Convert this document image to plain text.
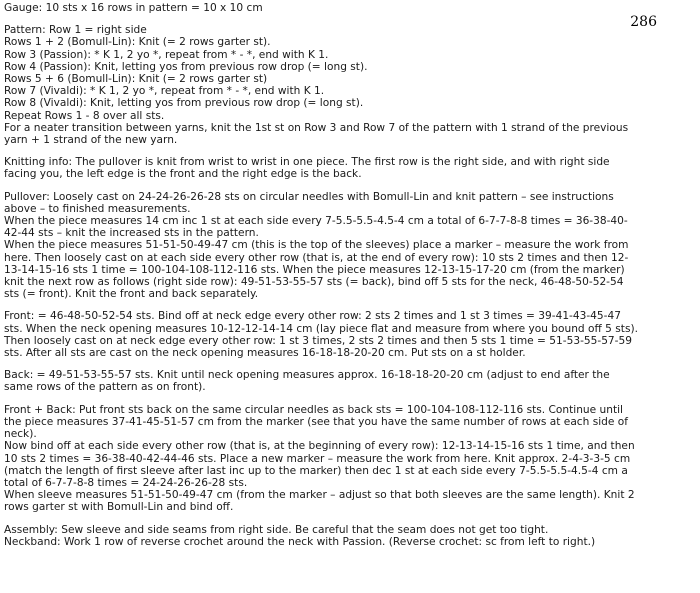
286
Gauge: 10 sts x 16 rows in pattern = 10 x 10 cm
Pattern: Row 1 = right side
Rows 1 + 2 (Bomull-Lin): Knit (= 2 rows garter st).
Row 3 (Passion): * K 1, 2 yo *, repeat from * - *, end with K 1.
Row 4 (Passion): Knit, letting yos from previous row drop (= long st).
Rows 5 + 6 (Bomull-Lin): Knit (= 2 rows garter st)
Row 7 (Vivaldi): * K 1, 2 yo *, repeat from * - *, end with K 1.
Row 8 (Vivaldi): Knit, letting yos from previous row drop (= long st).
Repeat Rows 1 - 8 over all sts.
For a neater transition between yarns, knit the 1st st on Row 3 and Row 7 of the pattern with 1 strand of the previous
yarn + 1 strand of the new yarn.
Knitting info: The pullover is knit from wrist to wrist in one piece. The first row is the right side, and with right side
facing you, the left edge is the front and the right edge is the back.
Pullover: Loosely cast on 24-24-26-26-28 sts on circular needles with Bomull-Lin and knit pattern – see instructions
above – to finished measurements.
When the piece measures 14 cm inc 1 st at each side every 7-5.5-5.5-4.5-4 cm a total of 6-7-7-8-8 times = 36-38-40-
42-44 sts – knit the increased sts in the pattern.
When the piece measures 51-51-50-49-47 cm (this is the top of the sleeves) place a marker – measure the work from
here. Then loosely cast on at each side every other row (that is, at the end of every row): 10 sts 2 times and then 12-
13-14-15-16 sts 1 time = 100-104-108-112-116 sts. When the piece measures 12-13-15-17-20 cm (from the marker)
knit the next row as follows (right side row): 49-51-53-55-57 sts (= back), bind off 5 sts for the neck, 46-48-50-52-54
sts (= front). Knit the front and back separately.
Front: = 46-48-50-52-54 sts. Bind off at neck edge every other row: 2 sts 2 times and 1 st 3 times = 39-41-43-45-47
sts. When the neck opening measures 10-12-12-14-14 cm (lay piece flat and measure from where you bound off 5 sts).
Then loosely cast on at neck edge every other row: 1 st 3 times, 2 sts 2 times and then 5 sts 1 time = 51-53-55-57-59
sts. After all sts are cast on the neck opening measures 16-18-18-20-20 cm. Put sts on a st holder.
Back: = 49-51-53-55-57 sts. Knit until neck opening measures approx. 16-18-18-20-20 cm (adjust to end after the
same rows of the pattern as on front).
Front + Back: Put front sts back on the same circular needles as back sts = 100-104-108-112-116 sts. Continue until
the piece measures 37-41-45-51-57 cm from the marker (see that you have the same number of rows at each side of
neck).
Now bind off at each side every other row (that is, at the beginning of every row): 12-13-14-15-16 sts 1 time, and then
10 sts 2 times = 36-38-40-42-44-46 sts. Place a new marker – measure the work from here. Knit approx. 2-4-3-3-5 cm
(match the length of first sleeve after last inc up to the marker) then dec 1 st at each side every 7-5.5-5.5-4.5-4 cm a
total of 6-7-7-8-8 times = 24-24-26-26-28 sts.
When sleeve measures 51-51-50-49-47 cm (from the marker – adjust so that both sleeves are the same length). Knit 2
rows garter st with Bomull-Lin and bind off.
Assembly: Sew sleeve and side seams from right side. Be careful that the seam does not get too tight.
Neckband: Work 1 row of reverse crochet around the neck with Passion. (Reverse crochet: sc from left to right.)
